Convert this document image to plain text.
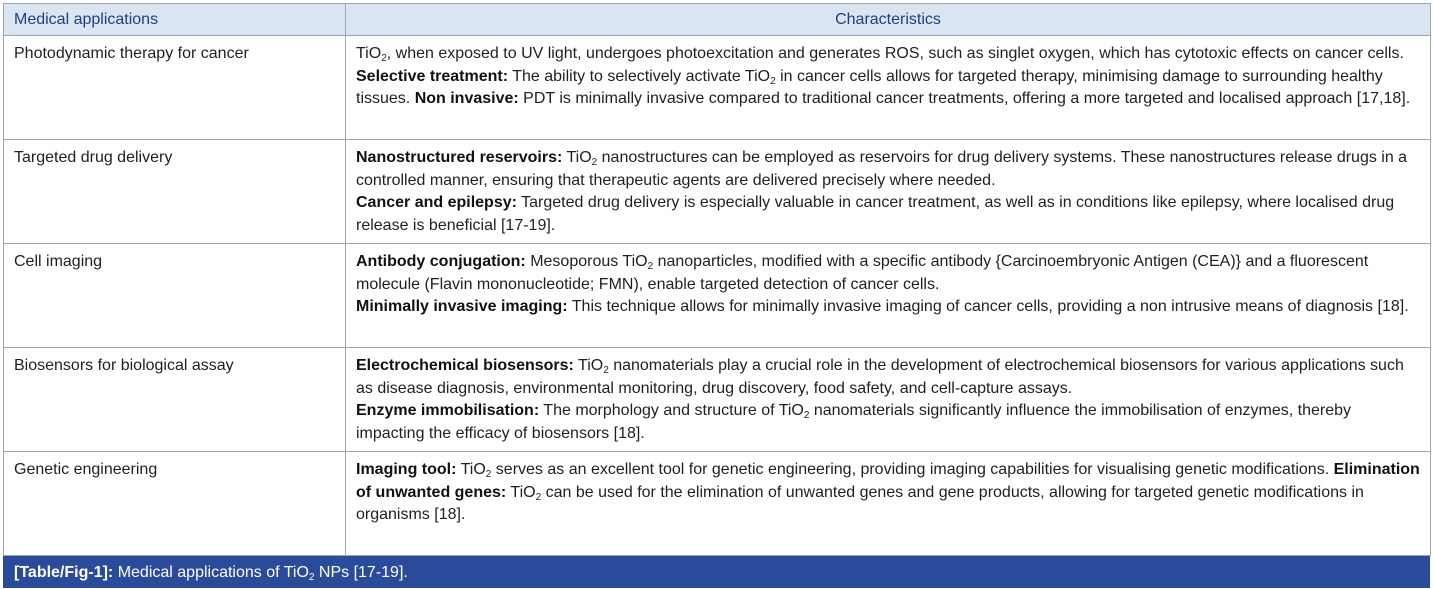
Medical applications	Characteristics
Photodynamic therapy for cancer	TiO$_2$, when exposed to UV light, undergoes photoexcitation and generates ROS, such as singlet oxygen, which has cytotoxic effects on cancer cells. Selective treatment: The ability to selectively activate TiO$_2$ in cancer cells allows for targeted therapy, minimising damage to surrounding healthy tissues. Non invasive: PDT is minimally invasive compared to traditional cancer treatments, offering a more targeted and localised approach [17,18].
Targeted drug delivery	Nanostructured reservoirs: TiO$_2$ nanostructures can be employed as reservoirs for drug delivery systems. These nanostructures release drugs in a controlled manner, ensuring that therapeutic agents are delivered precisely where needed.
Cancer and epilepsy: Targeted drug delivery is especially valuable in cancer treatment, as well as in conditions like epilepsy, where localised drug release is beneficial [17-19].
Cell imaging	Antibody conjugation: Mesoporous TiO$_2$ nanoparticles, modified with a specific antibody {Carcinoembryonic Antigen (CEA)} and a fluorescent molecule (Flavin mononucleotide; FMN), enable targeted detection of cancer cells.
Minimally invasive imaging: This technique allows for minimally invasive imaging of cancer cells, providing a non intrusive means of diagnosis [18].
Biosensors for biological assay	Electrochemical biosensors: TiO$_2$ nanomaterials play a crucial role in the development of electrochemical biosensors for various applications such as disease diagnosis, environmental monitoring, drug discovery, food safety, and cell-capture assays.
Enzyme immobilisation: The morphology and structure of TiO$_2$ nanomaterials significantly influence the immobilisation of enzymes, thereby impacting the efficacy of biosensors [18].
Genetic engineering	Imaging tool: TiO$_2$ serves as an excellent tool for genetic engineering, providing imaging capabilities for visualising genetic modifications. Elimination of unwanted genes: TiO$_2$ can be used for the elimination of unwanted genes and gene products, allowing for targeted genetic modifications in organisms [18].
[Table/Fig-1]: Medical applications of TiO$_2$ NPs [17-19].
